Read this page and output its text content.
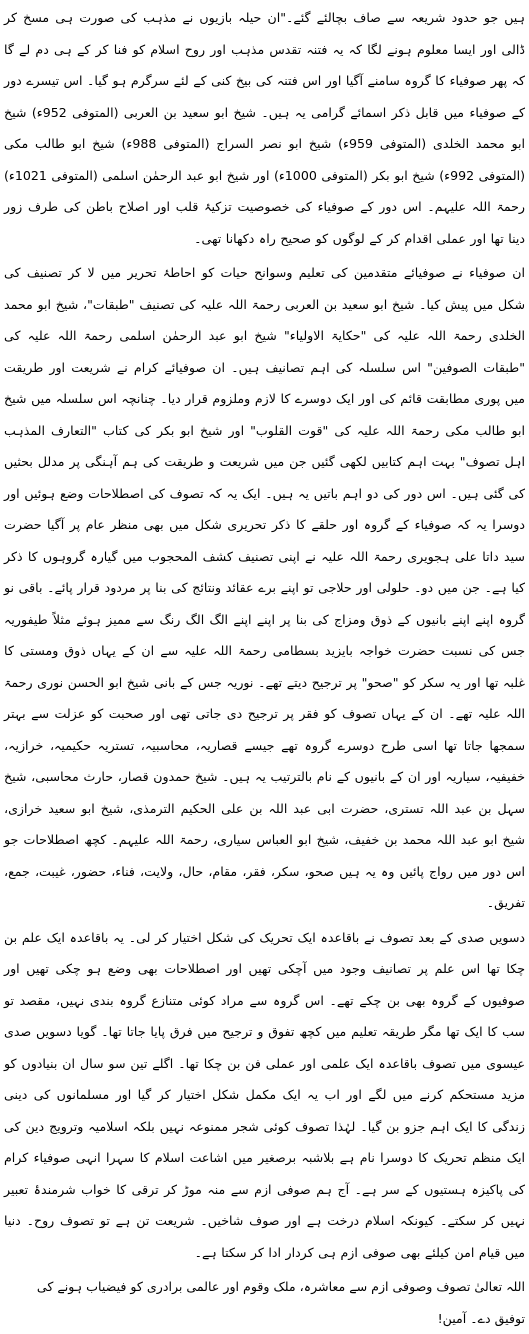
ہیں جو حدود شریعہ سے صاف بچالئے گئے۔"ان حیلہ بازیوں نے مذہب کی صورت ہی مسخ کر ڈالی اور ایسا معلوم ہونے لگا کہ یہ فتنہ تقدس مذہب اور روح اسلام کو فنا کر کے ہی دم لے گا کہ پھر صوفیاء کا گروہ سامنے آگیا اور اس فتنہ کی بیخ کنی کے لئے سرگرم ہو گیا۔ اس تیسرے دور کے صوفیاء میں قابل ذکر اسمائے گرامی یہ ہیں۔ شیخ ابو سعید بن العربی (المتوفی 952ء) شیخ ابو محمد الخلدی (المتوفی 959ء) شیخ ابو نصر السراج (المتوفی 988ء) شیخ ابو طالب مکی (المتوفی 992ء) شیخ ابو بکر (المتوفی 1000ء) اور شیخ ابو عبد الرحمٰن اسلمی (المتوفی 1021ء) رحمۃ اللہ علیہم۔ اس دور کے صوفیاء کی خصوصیت تزکیۂ قلب اور اصلاح باطن کی طرف زور دینا تھا اور عملی اقدام کر کے لوگوں کو صحیح راہ دکھانا تھی۔

ان صوفیاء نے صوفیائے متقدمین کی تعلیم وسوانح حیات کو احاطۂ تحریر میں لا کر تصنیف کی شکل میں پیش کیا۔ شیخ ابو سعید بن العربی رحمۃ اللہ علیہ کی تصنیف "طبقات"، شیخ ابو محمد الخلدی رحمۃ اللہ علیہ کی "حکایۃ الاولیاء" شیخ ابو عبد الرحمٰن اسلمی رحمۃ اللہ علیہ کی "طبقات الصوفین" اس سلسلہ کی اہم تصانیف ہیں۔ ان صوفیائے کرام نے شریعت اور طریقت میں پوری مطابقت قائم کی اور ایک دوسرے کا لازم وملزوم قرار دیا۔ چنانچہ اس سلسلہ میں شیخ ابو طالب مکی رحمۃ اللہ علیہ کی "قوت القلوب" اور شیخ ابو بکر کی کتاب "التعارف المذہب اہل تصوف" بہت اہم کتابیں لکھی گئیں جن میں شریعت و طریقت کی ہم آہنگی پر مدلل بحثیں کی گئی ہیں۔ اس دور کی دو اہم باتیں یہ ہیں۔ ایک یہ کہ تصوف کی اصطلاحات وضع ہوئیں اور دوسرا یہ کہ صوفیاء کے گروہ اور حلقے کا ذکر تحریری شکل میں بھی منظر عام پر آگیا حضرت سید داتا علی ہجویری رحمۃ اللہ علیہ نے اپنی تصنیف کشف المحجوب میں گیارہ گروہوں کا ذکر کیا ہے۔ جن میں دو۔ حلولی اور حلاجی تو اپنے برے عقائد ونتائج کی بنا پر مردود قرار پائے۔ باقی نو گروہ اپنے اپنے بانیوں کے ذوق ومزاج کی بنا پر اپنے اپنے الگ الگ رنگ سے ممیز ہوئے مثلاً طیفوریہ جس کی نسبت حضرت خواجہ بایزید بسطامی رحمۃ اللہ علیہ سے ان کے یہاں ذوق ومستی کا غلبہ تھا اور یہ سکر کو "صحو" پر ترجیح دیتے تھے۔ نوریہ جس کے بانی شیخ ابو الحسن نوری رحمۃ اللہ علیہ تھے۔ ان کے یہاں تصوف کو فقر پر ترجیح دی جاتی تھی اور صحبت کو عزلت سے بہتر سمجھا جاتا تھا اسی طرح دوسرے گروہ تھے جیسے قصاریہ، محاسبیہ، تستریہ حکیمیہ، خرازیہ، خفیفیہ، سیاریہ اور ان کے بانیوں کے نام بالترتیب یہ ہیں۔ شیخ حمدون قصار، حارث محاسبی، شیخ سہل بن عبد اللہ تستری، حضرت ابی عبد اللہ بن علی الحکیم الترمذی، شیخ ابو سعید خرازی، شیخ ابو عبد اللہ محمد بن خفیف، شیخ ابو العباس سیاری، رحمۃ اللہ علیہم۔ کچھ اصطلاحات جو اس دور میں رواج پائیں وہ یہ ہیں صحو، سکر، فقر، مقام، حال، ولایت، فناء، حضور، غیبت، جمع، تفریق۔

دسویں صدی کے بعد تصوف نے باقاعدہ ایک تحریک کی شکل اختیار کر لی۔ یہ باقاعدہ ایک علم بن چکا تھا اس علم پر تصانیف وجود میں آچکی تھیں اور اصطلاحات بھی وضع ہو چکی تھیں اور صوفیوں کے گروہ بھی بن چکے تھے۔ اس گروہ سے مراد کوئی متنازع گروہ بندی نہیں، مقصد تو سب کا ایک تھا مگر طریقہ تعلیم میں کچھ تفوق و ترجیح میں فرق پایا جاتا تھا۔ گویا دسویں صدی عیسوی میں تصوف باقاعدہ ایک علمی اور عملی فن بن چکا تھا۔ اگلے تین سو سال ان بنیادوں کو مزید مستحکم کرنے میں لگے اور اب یہ ایک مکمل شکل اختیار کر گیا اور مسلمانوں کی دینی زندگی کا ایک اہم جزو بن گیا۔ لہٰذا تصوف کوئی شجر ممنوعہ نہیں بلکہ اسلامیہ وترویج دین کی ایک منظم تحریک کا دوسرا نام ہے بلاشبہ برصغیر میں اشاعت اسلام کا سہرا انہی صوفیاء کرام کی پاکیزہ ہستیوں کے سر ہے۔ آج ہم صوفی ازم سے منہ موڑ کر ترقی کا خواب شرمندۂ تعبیر نہیں کر سکتے۔ کیونکہ اسلام درخت ہے اور صوف شاخیں۔ شریعت تن ہے تو تصوف روح۔ دنیا میں قیام امن کیلئے بھی صوفی ازم ہی کردار ادا کر سکتا ہے۔

اللہ تعالیٰ تصوف وصوفی ازم سے معاشرہ، ملک وقوم اور عالمی برادری کو فیضیاب ہونے کی توفیق دے۔ آمین!
